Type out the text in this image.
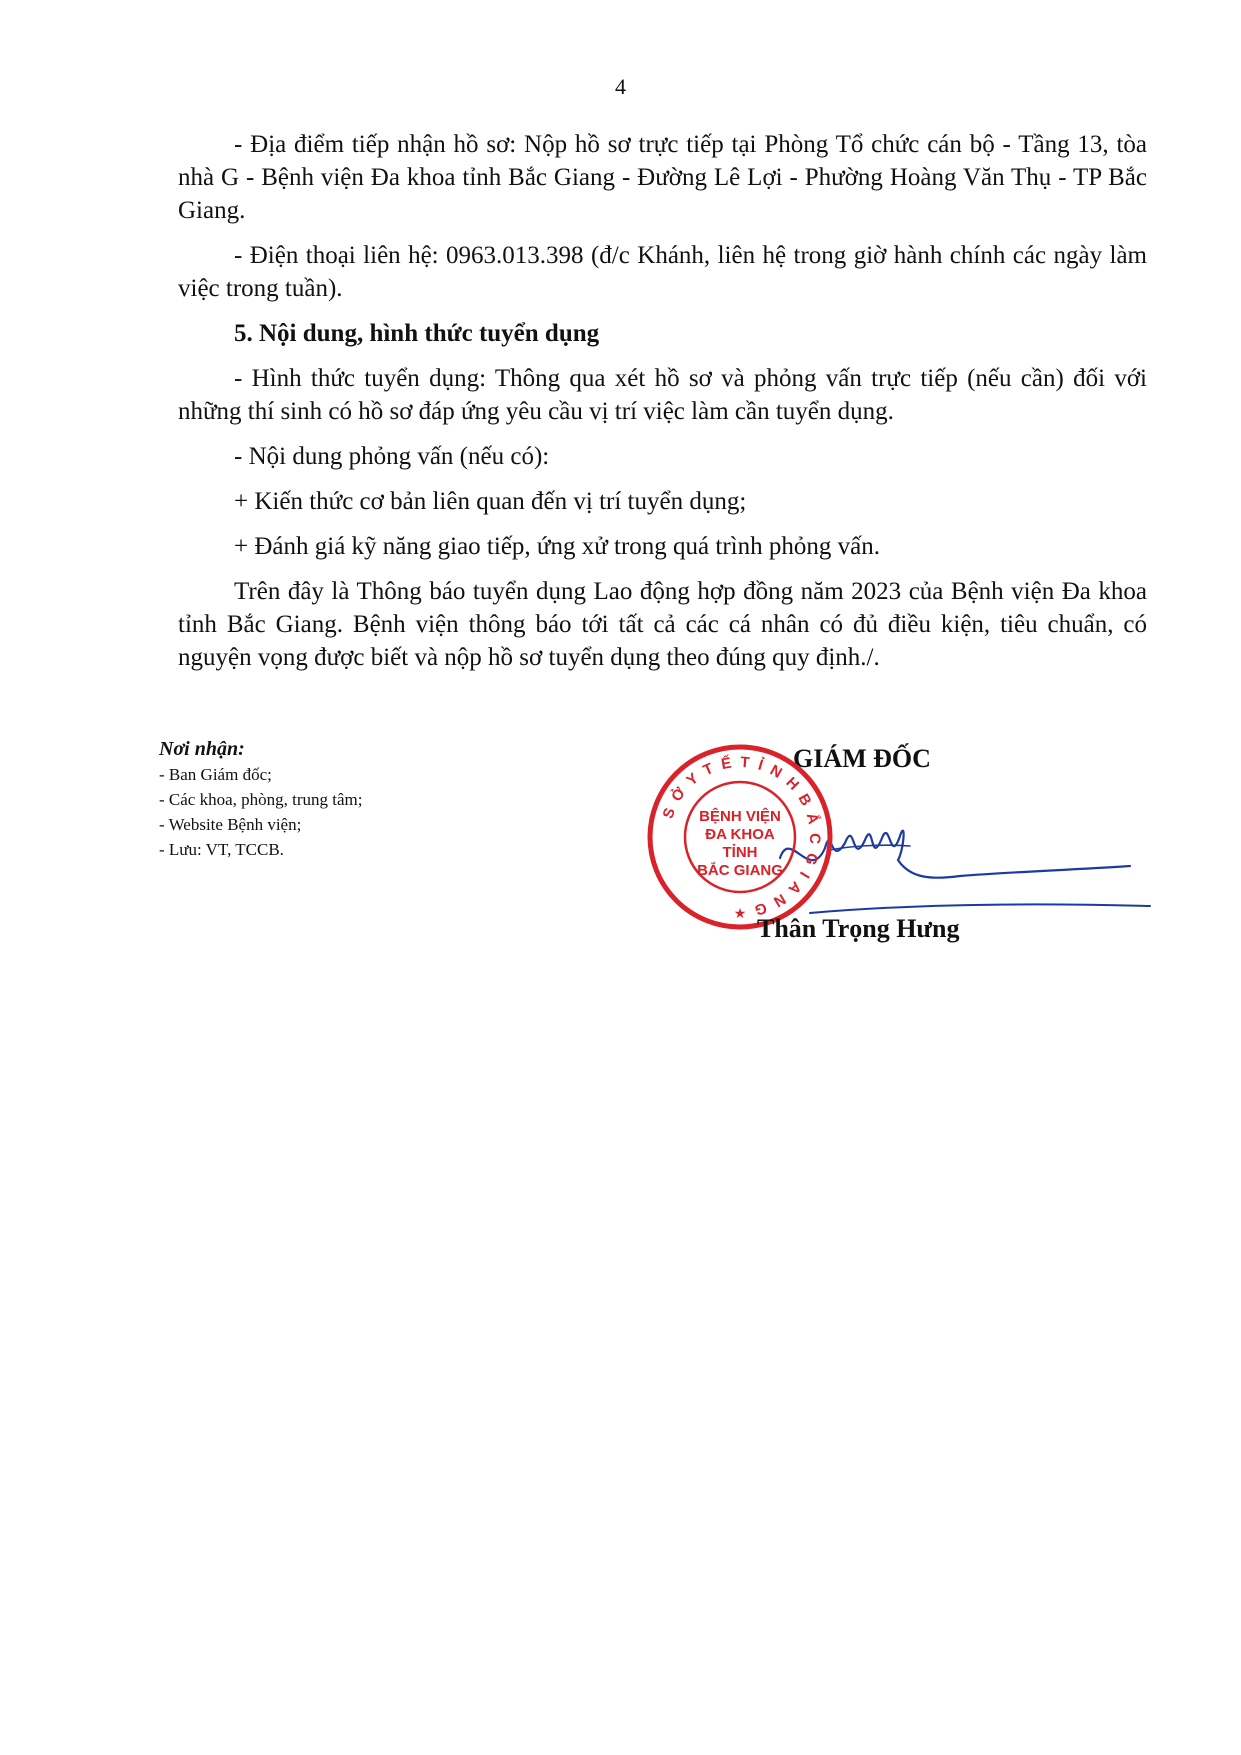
4

- Địa điểm tiếp nhận hồ sơ: Nộp hồ sơ trực tiếp tại Phòng Tổ chức cán bộ - Tầng 13, tòa nhà G - Bệnh viện Đa khoa tỉnh Bắc Giang - Đường Lê Lợi - Phường Hoàng Văn Thụ - TP Bắc Giang.

- Điện thoại liên hệ: 0963.013.398 (đ/c Khánh, liên hệ trong giờ hành chính các ngày làm việc trong tuần).

5. Nội dung, hình thức tuyển dụng

- Hình thức tuyển dụng: Thông qua xét hồ sơ và phỏng vấn trực tiếp (nếu cần) đối với những thí sinh có hồ sơ đáp ứng yêu cầu vị trí việc làm cần tuyển dụng.

- Nội dung phỏng vấn (nếu có):

+ Kiến thức cơ bản liên quan đến vị trí tuyển dụng;

+ Đánh giá kỹ năng giao tiếp, ứng xử trong quá trình phỏng vấn.

Trên đây là Thông báo tuyển dụng Lao động hợp đồng năm 2023 của Bệnh viện Đa khoa tỉnh Bắc Giang. Bệnh viện thông báo tới tất cả các cá nhân có đủ điều kiện, tiêu chuẩn, có nguyện vọng được biết và nộp hồ sơ tuyển dụng theo đúng quy định./.

Nơi nhận:
- Ban Giám đốc;
- Các khoa, phòng, trung tâm;
- Website Bệnh viện;
- Lưu: VT, TCCB.
GIÁM ĐỐC
S Ở Y T Ế T Ỉ N H B Ắ C G I A N G
BỆNH VIỆN
ĐA KHOA
TỈNH
BẮC GIANG
★ Thân Trọng Hưng
